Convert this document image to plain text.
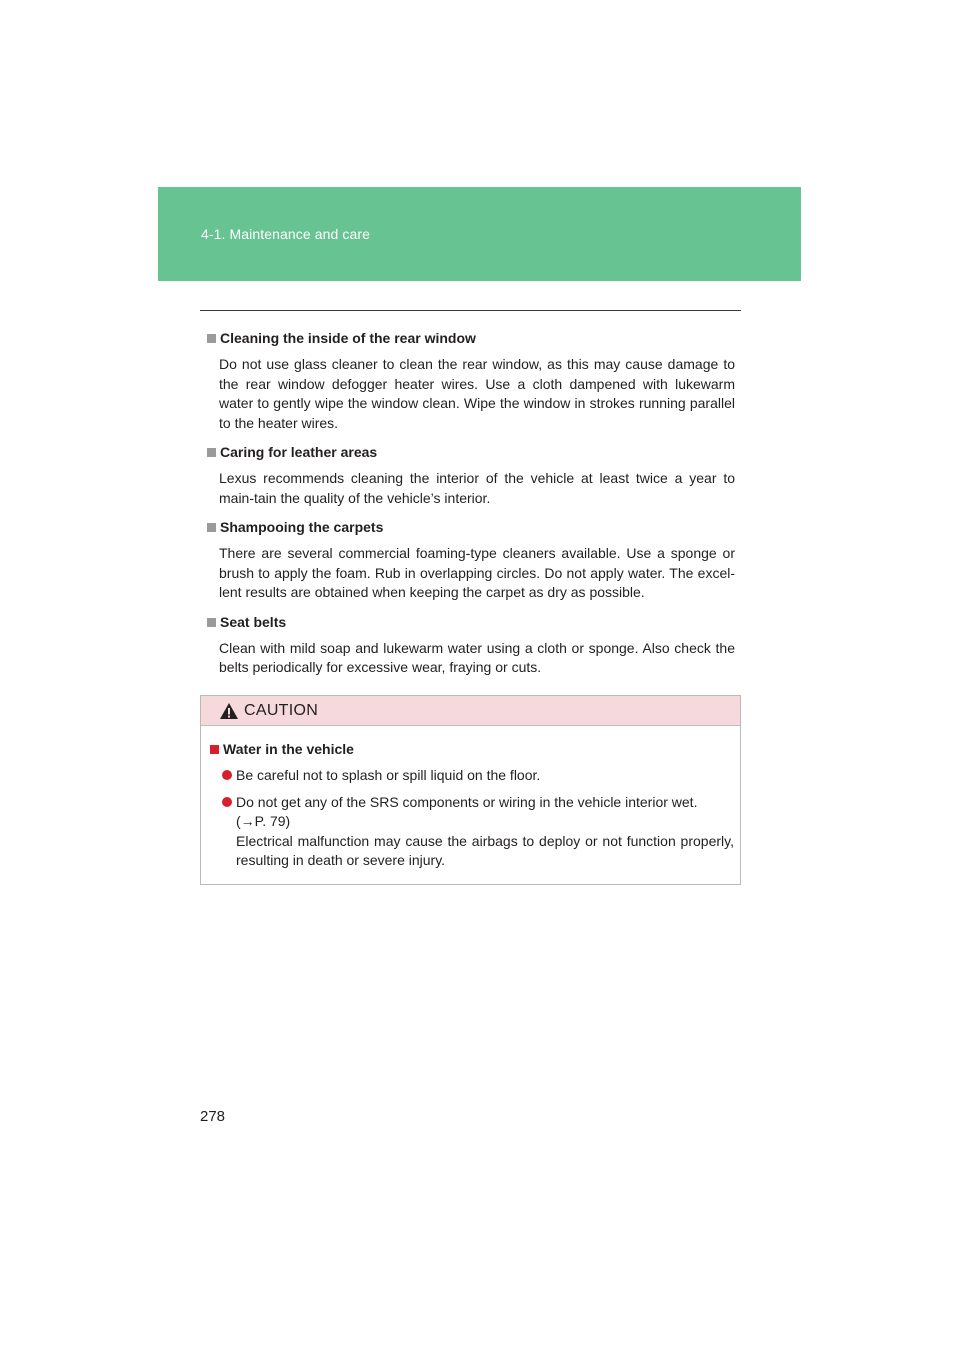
4-1. Maintenance and care
Cleaning the inside of the rear window

Do not use glass cleaner to clean the rear window, as this may cause damage to the rear window defogger heater wires. Use a cloth dampened with lukewarm water to gently wipe the window clean. Wipe the window in strokes running parallel to the heater wires.

Caring for leather areas

Lexus recommends cleaning the interior of the vehicle at least twice a year to main-tain the quality of the vehicle’s interior.

Shampooing the carpets

There are several commercial foaming-type cleaners available. Use a sponge or brush to apply the foam. Rub in overlapping circles. Do not apply water. The excel-lent results are obtained when keeping the carpet as dry as possible.

Seat belts

Clean with mild soap and lukewarm water using a cloth or sponge. Also check the belts periodically for excessive wear, fraying or cuts.

CAUTION
Water in the vehicle
Be careful not to splash or spill liquid on the floor.
Do not get any of the SRS components or wiring in the vehicle interior wet.
(→P. 79)
Electrical malfunction may cause the airbags to deploy or not function properly, resulting in death or severe injury.
278
